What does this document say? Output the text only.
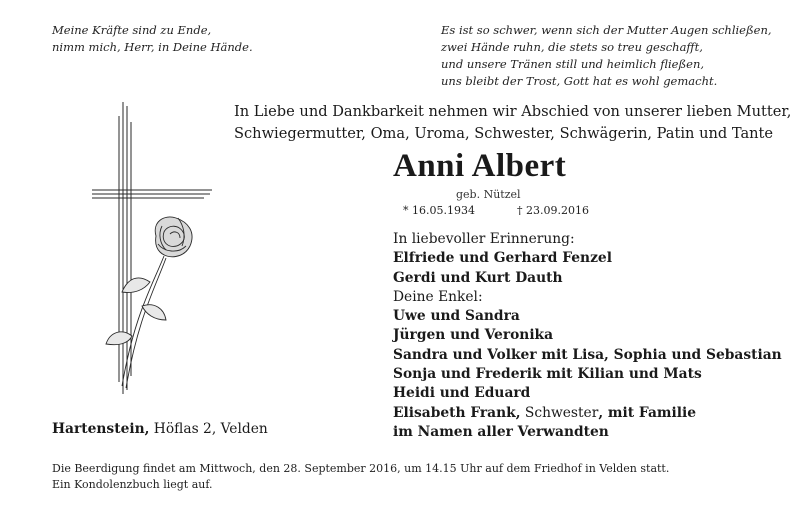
Meine Kräfte sind zu Ende,
nimm mich, Herr, in Deine Hände.
Es ist so schwer, wenn sich der Mutter Augen schließen,
zwei Hände ruhn, die stets so treu geschafft,
und unsere Tränen still und heimlich fließen,
uns bleibt der Trost, Gott hat es wohl gemacht.
In Liebe und Dankbarkeit nehmen wir Abschied von unserer lieben Mutter,
Schwiegermutter, Oma, Uroma, Schwester, Schwägerin, Patin und Tante
Anni Albert
geb. Nützel
* 16.05.1934	† 23.09.2016
In liebevoller Erinnerung:
Elfriede und Gerhard Fenzel
Gerdi und Kurt Dauth
Deine Enkel:
Uwe und Sandra
Jürgen und Veronika
Sandra und Volker mit Lisa, Sophia und Sebastian
Sonja und Frederik mit Kilian und Mats
Heidi und Eduard
Elisabeth Frank, Schwester, mit Familie
im Namen aller Verwandten
Hartenstein, Höflas 2, Velden
Die Beerdigung findet am Mittwoch, den 28. September 2016, um 14.15 Uhr auf dem Friedhof in Velden statt.
Ein Kondolenzbuch liegt auf.
